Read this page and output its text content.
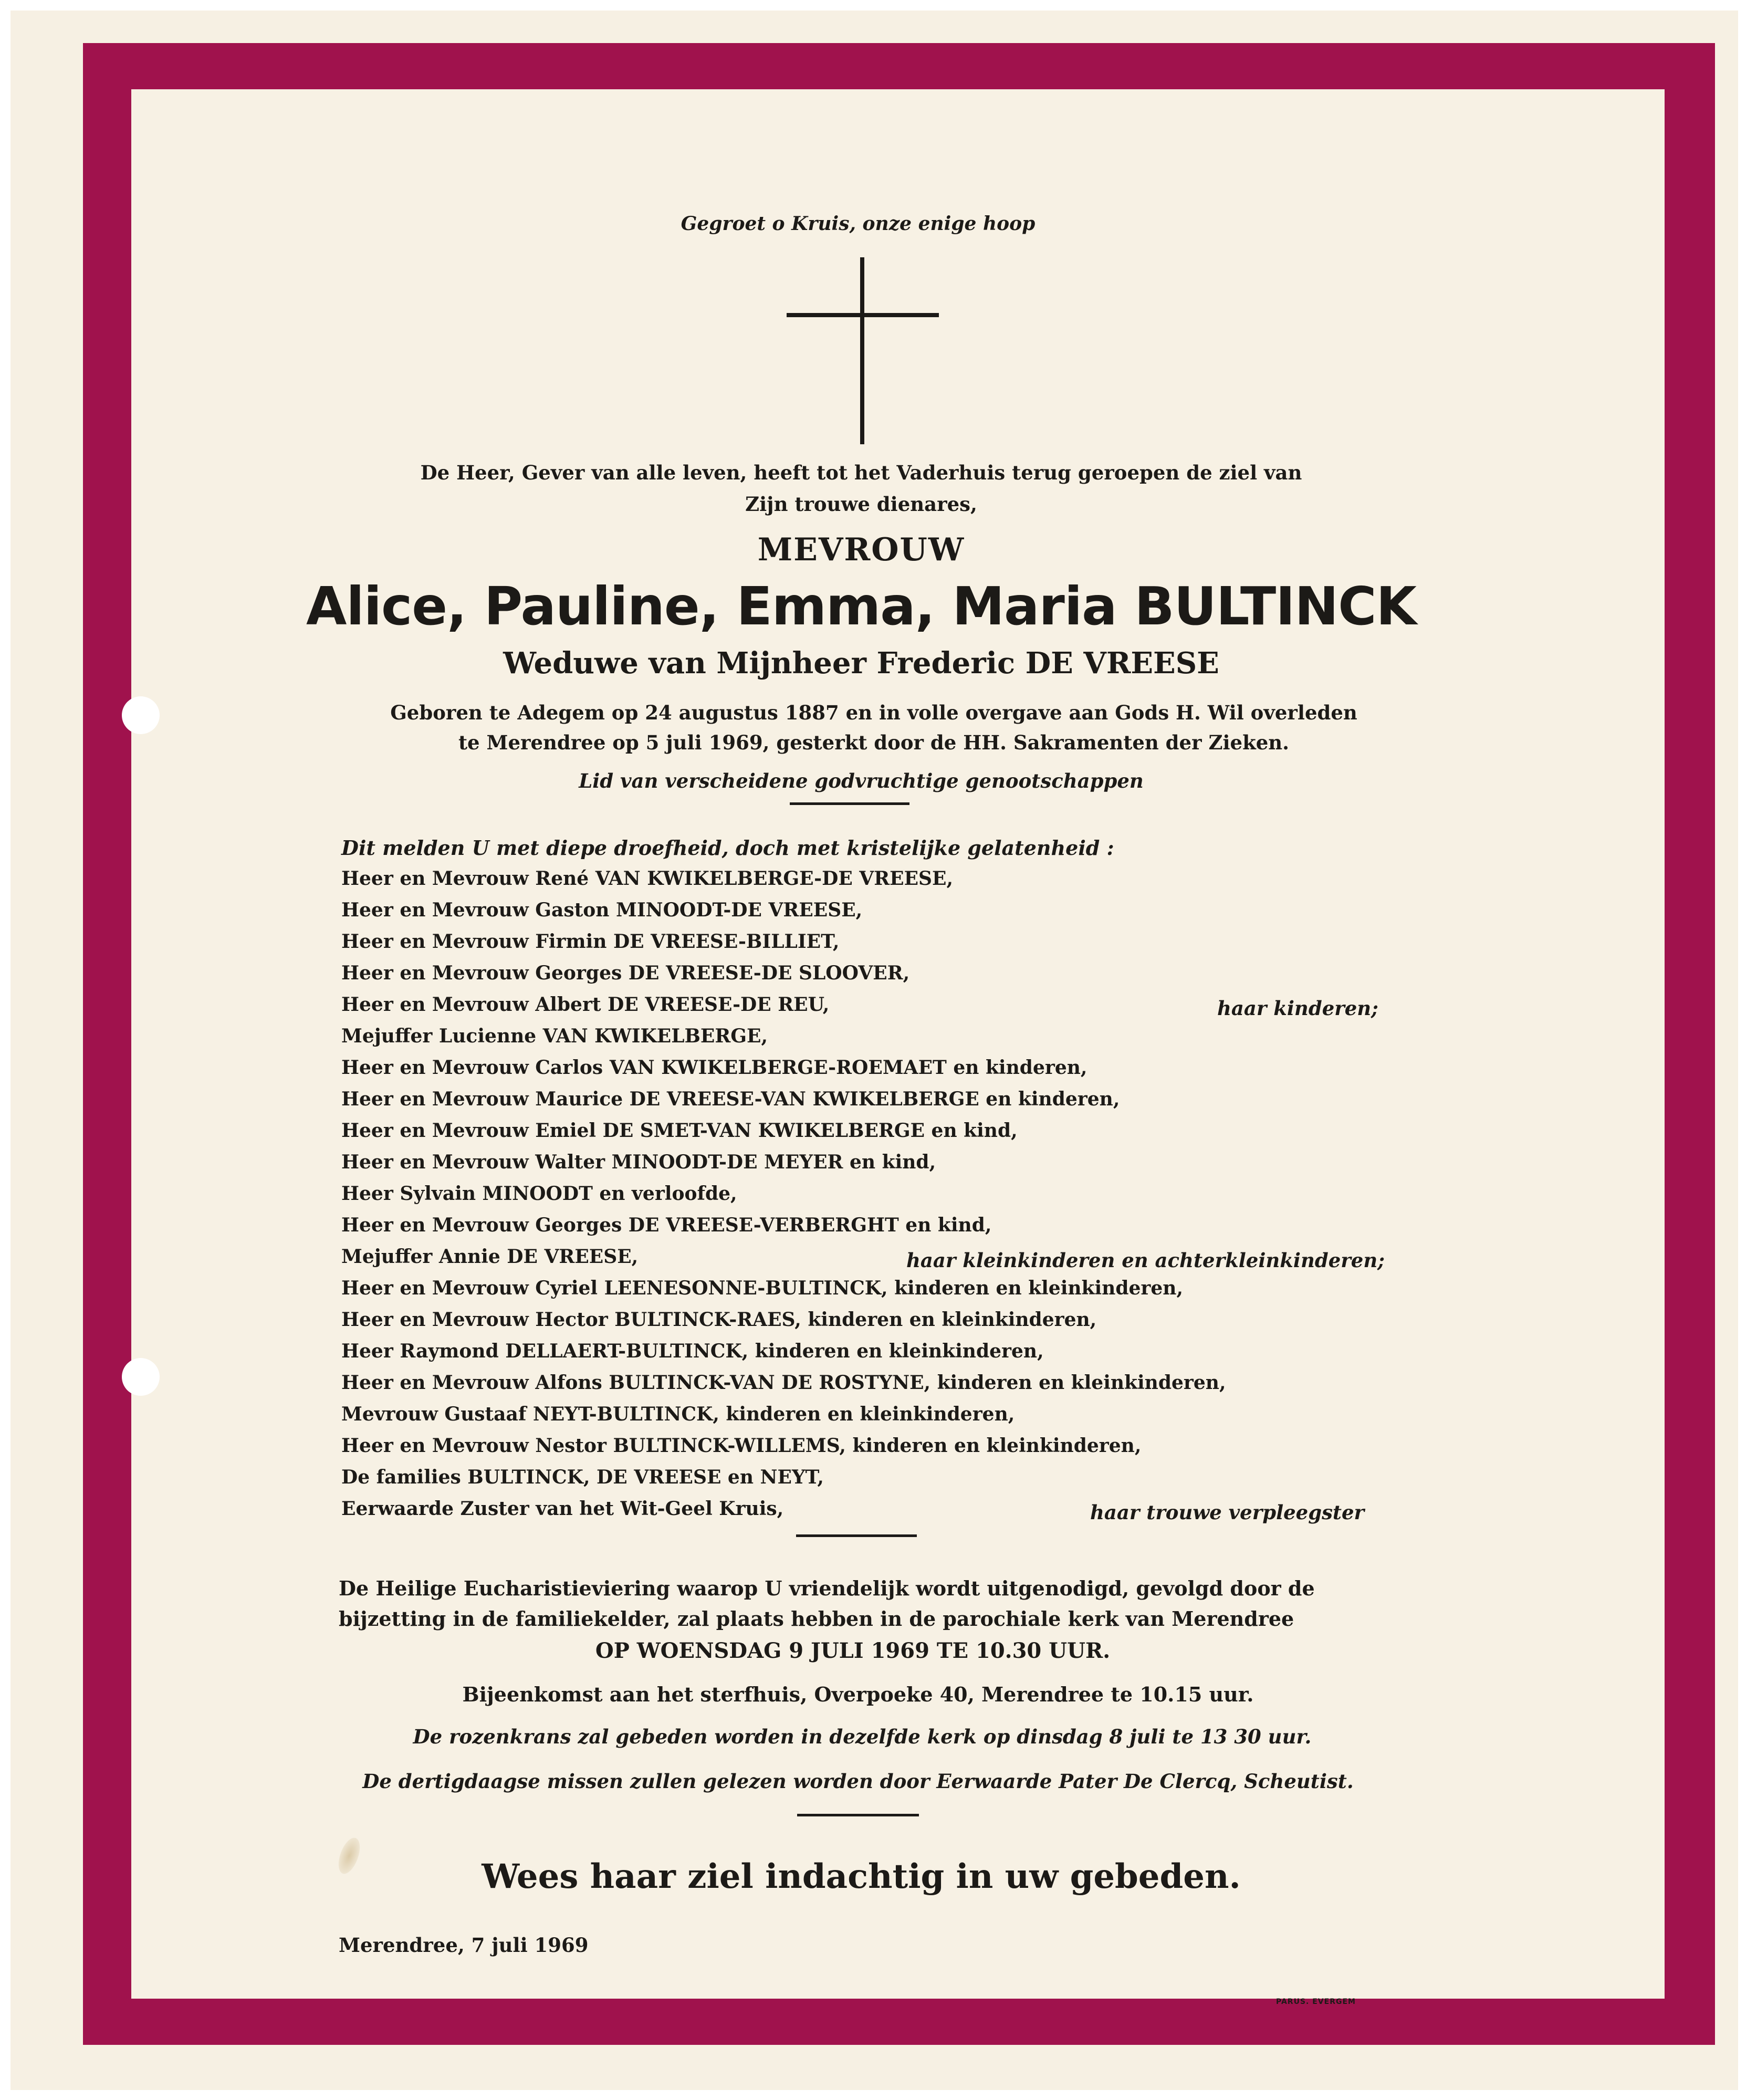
Gegroet o Kruis, onze enige hoop

De Heer, Gever van alle leven, heeft tot het Vaderhuis terug geroepen de ziel van

Zijn trouwe dienares,

MEVROUW

Alice, Pauline, Emma, Maria BULTINCK

Weduwe van Mijnheer Frederic DE VREESE

Geboren te Adegem op 24 augustus 1887 en in volle overgave aan Gods H. Wil overleden

te Merendree op 5 juli 1969, gesterkt door de HH. Sakramenten der Zieken.

Lid van verscheidene godvruchtige genootschappen

Dit melden U met diepe droefheid, doch met kristelijke gelatenheid :

Heer en Mevrouw René VAN KWIKELBERGE-DE VREESE,

Heer en Mevrouw Gaston MINOODT-DE VREESE,

Heer en Mevrouw Firmin DE VREESE-BILLIET,

Heer en Mevrouw Georges DE VREESE-DE SLOOVER,

Heer en Mevrouw Albert DE VREESE-DE REU,

Mejuffer Lucienne VAN KWIKELBERGE,

Heer en Mevrouw Carlos VAN KWIKELBERGE-ROEMAET en kinderen,

Heer en Mevrouw Maurice DE VREESE-VAN KWIKELBERGE en kinderen,

Heer en Mevrouw Emiel DE SMET-VAN KWIKELBERGE en kind,

Heer en Mevrouw Walter MINOODT-DE MEYER en kind,

Heer Sylvain MINOODT en verloofde,

Heer en Mevrouw Georges DE VREESE-VERBERGHT en kind,

Mejuffer Annie DE VREESE,

Heer en Mevrouw Cyriel LEENESONNE-BULTINCK, kinderen en kleinkinderen,

Heer en Mevrouw Hector BULTINCK-RAES, kinderen en kleinkinderen,

Heer Raymond DELLAERT-BULTINCK, kinderen en kleinkinderen,

Heer en Mevrouw Alfons BULTINCK-VAN DE ROSTYNE, kinderen en kleinkinderen,

Mevrouw Gustaaf NEYT-BULTINCK, kinderen en kleinkinderen,

Heer en Mevrouw Nestor BULTINCK-WILLEMS, kinderen en kleinkinderen,

De families BULTINCK, DE VREESE en NEYT,

Eerwaarde Zuster van het Wit-Geel Kruis,

haar kinderen;

haar kleinkinderen en achterkleinkinderen;

haar trouwe verpleegster

De Heilige Eucharistieviering waarop U vriendelijk wordt uitgenodigd, gevolgd door de

bijzetting in de familiekelder, zal plaats hebben in de parochiale kerk van Merendree

OP WOENSDAG 9 JULI 1969 TE 10.30 UUR.

Bijeenkomst aan het sterfhuis, Overpoeke 40, Merendree te 10.15 uur.

De rozenkrans zal gebeden worden in dezelfde kerk op dinsdag 8 juli te 13 30 uur.

De dertigdaagse missen zullen gelezen worden door Eerwaarde Pater De Clercq, Scheutist.

Wees haar ziel indachtig in uw gebeden.

Merendree, 7 juli 1969

PARUS. EVERGEM
